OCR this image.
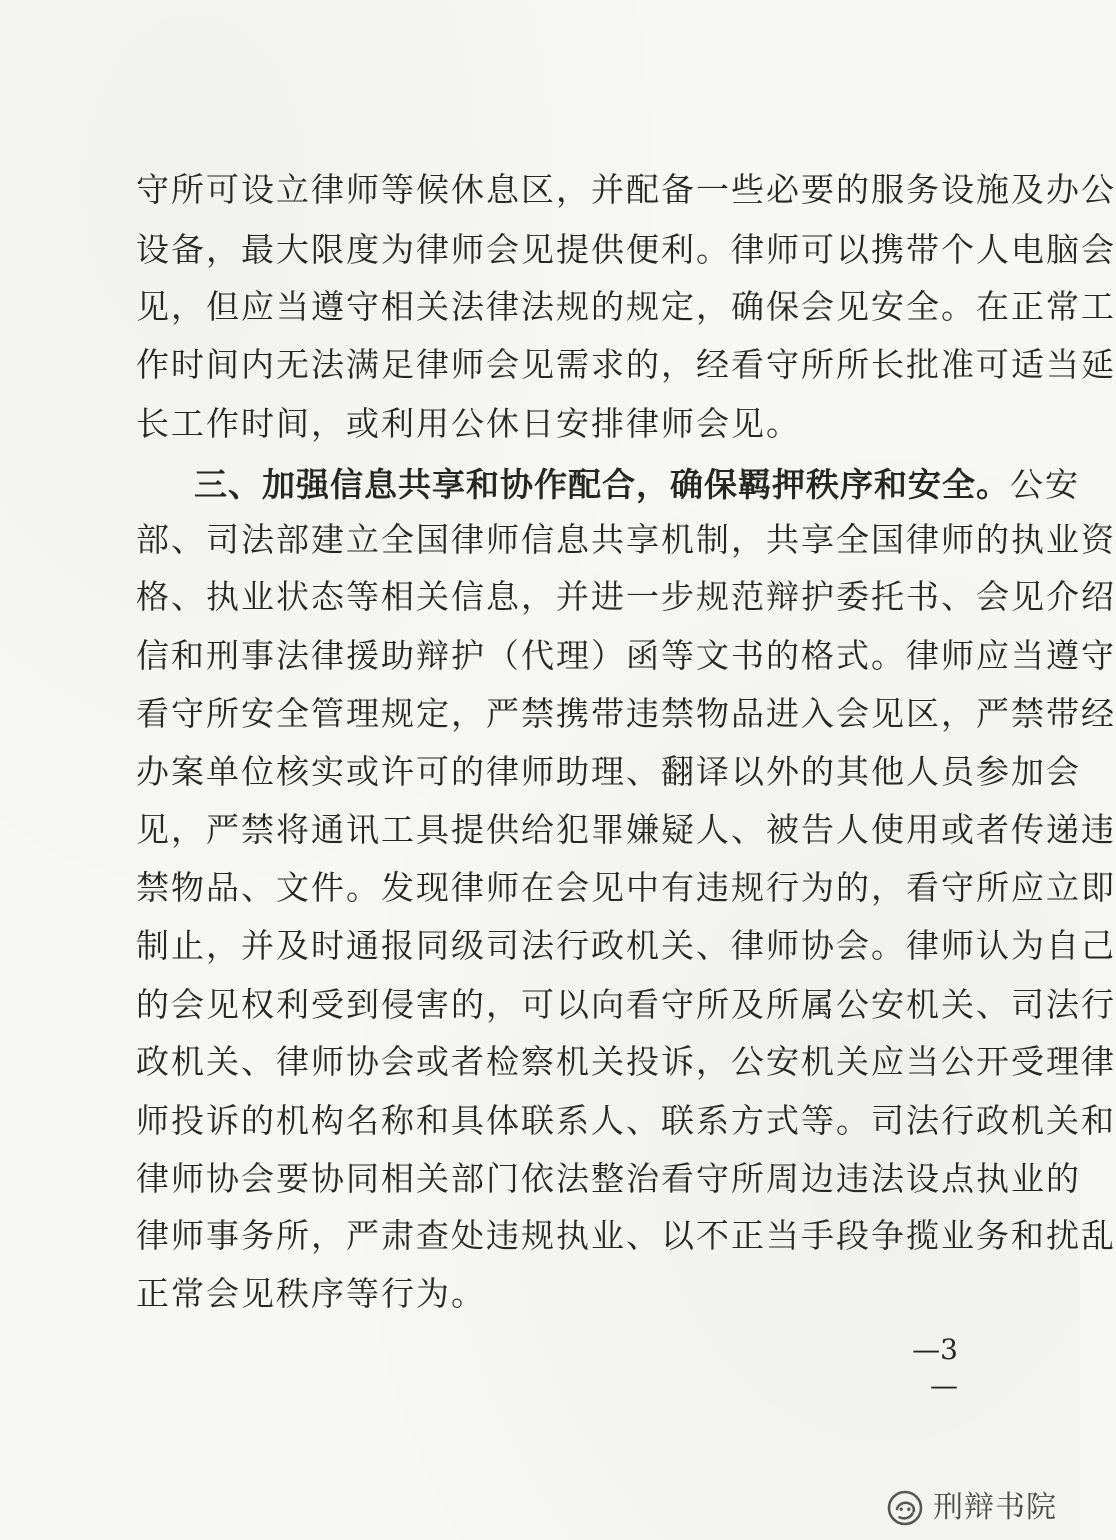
守所可设立律师等候休息区，并配备一些必要的服务设施及办公
设备，最大限度为律师会见提供便利。律师可以携带个人电脑会
见，但应当遵守相关法律法规的规定，确保会见安全。在正常工
作时间内无法满足律师会见需求的，经看守所所长批准可适当延
长工作时间，或利用公休日安排律师会见。
三、加强信息共享和协作配合，确保羁押秩序和安全。公安
部、司法部建立全国律师信息共享机制，共享全国律师的执业资
格、执业状态等相关信息，并进一步规范辩护委托书、会见介绍
信和刑事法律援助辩护（代理）函等文书的格式。律师应当遵守
看守所安全管理规定，严禁携带违禁物品进入会见区，严禁带经
办案单位核实或许可的律师助理、翻译以外的其他人员参加会
见，严禁将通讯工具提供给犯罪嫌疑人、被告人使用或者传递违
禁物品、文件。发现律师在会见中有违规行为的，看守所应立即
制止，并及时通报同级司法行政机关、律师协会。律师认为自己
的会见权利受到侵害的，可以向看守所及所属公安机关、司法行
政机关、律师协会或者检察机关投诉，公安机关应当公开受理律
师投诉的机构名称和具体联系人、联系方式等。司法行政机关和
律师协会要协同相关部门依法整治看守所周边违法设点执业的
律师事务所，严肃查处违规执业、以不正当手段争揽业务和扰乱
正常会见秩序等行为。
—3—
刑辩书院
